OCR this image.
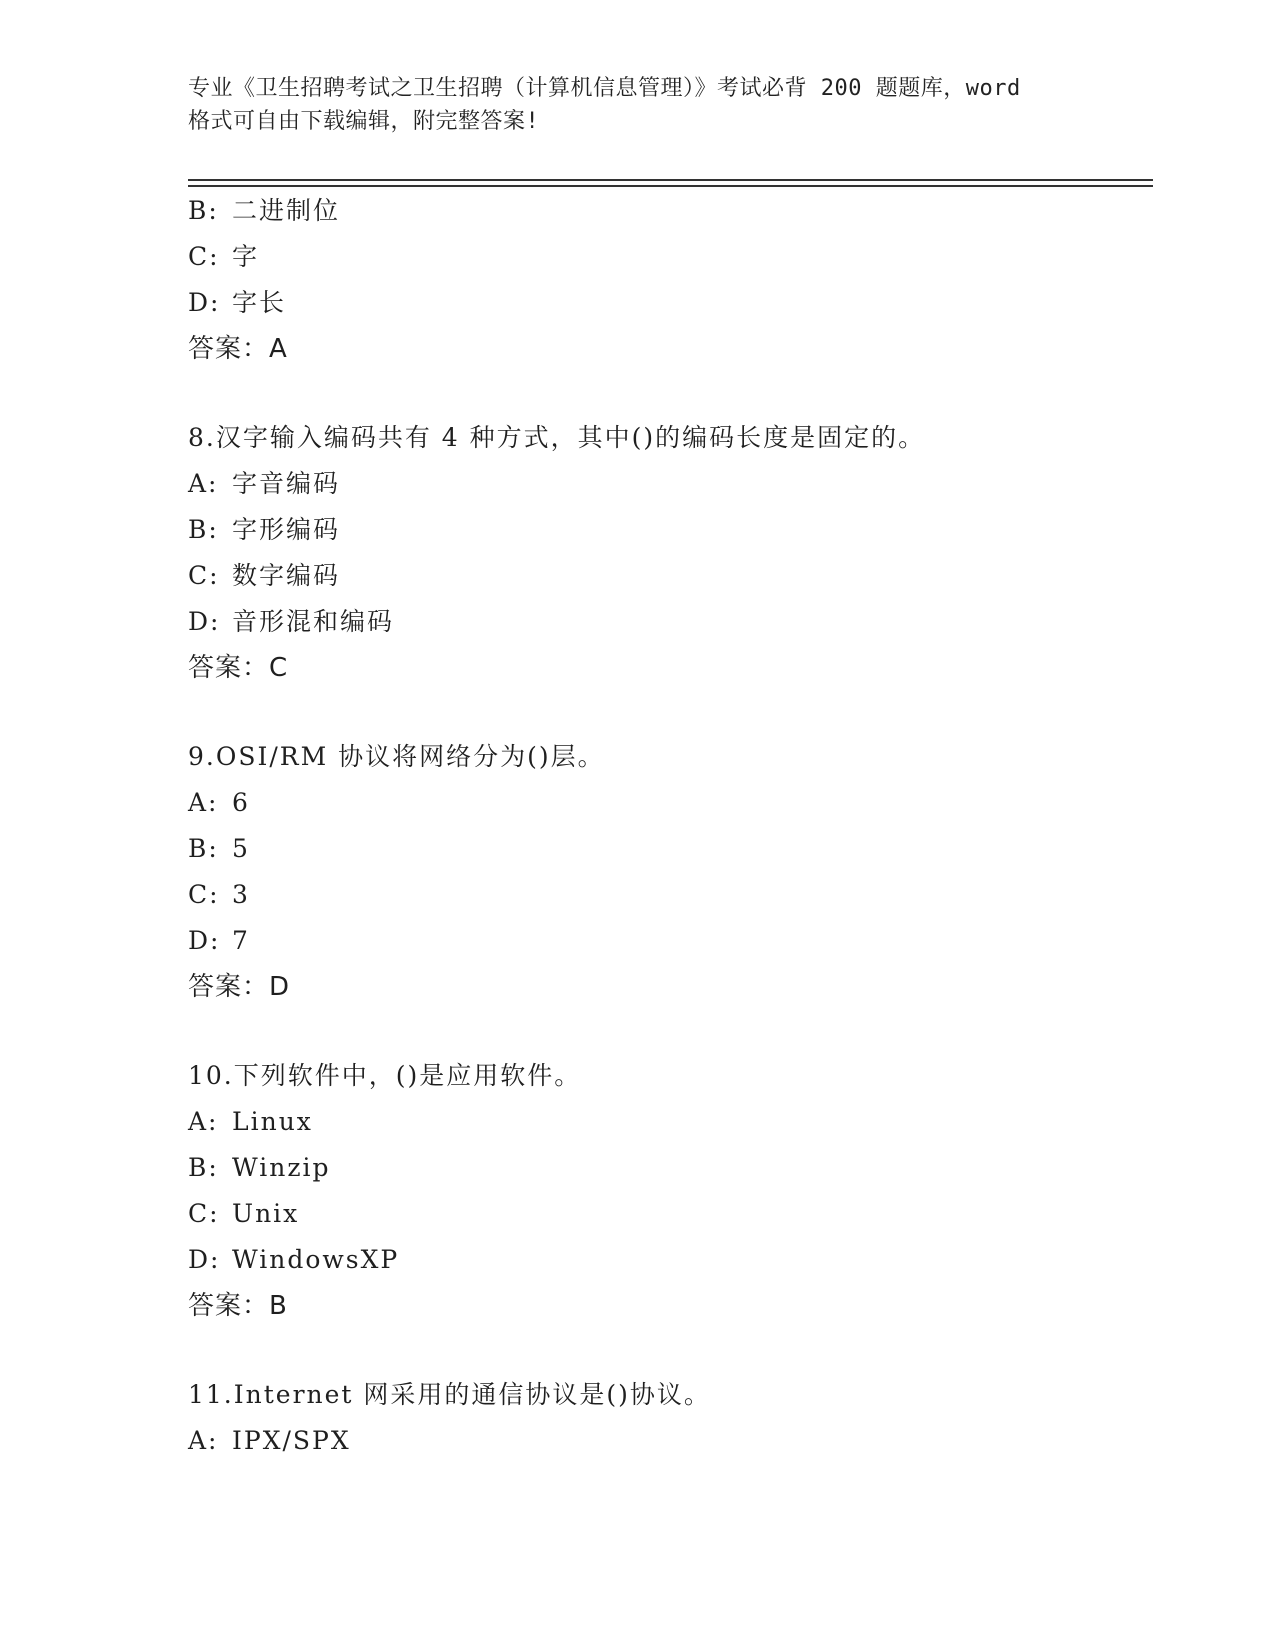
专业《卫生招聘考试之卫生招聘（计算机信息管理）》考试必背 200 题题库，word
格式可自由下载编辑，附完整答案!
B: 二进制位
C: 字
D: 字长
答案：A
8.汉字输入编码共有 4 种方式，其中()的编码长度是固定的。
A: 字音编码
B: 字形编码
C: 数字编码
D: 音形混和编码
答案：C
9.OSI/RM 协议将网络分为()层。
A: 6
B: 5
C: 3
D: 7
答案：D
10.下列软件中，()是应用软件。
A: Linux
B: Winzip
C: Unix
D: WindowsXP
答案：B
11.Internet 网采用的通信协议是()协议。
A: IPX/SPX
